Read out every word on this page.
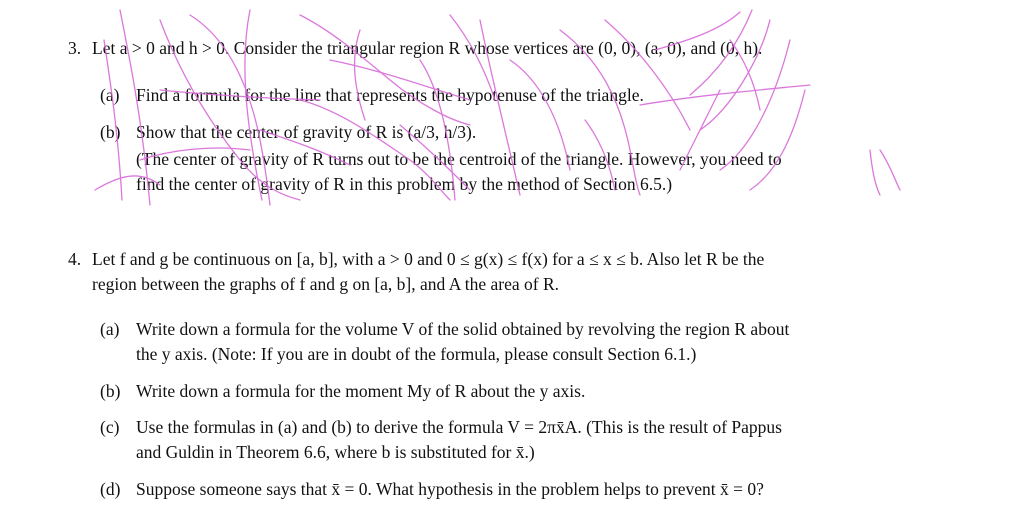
3. Let a > 0 and h > 0. Consider the triangular region R whose vertices are (0, 0), (a, 0), and (0, h).
(a) Find a formula for the line that represents the hypotenuse of the triangle.
(b) Show that the center of gravity of R is (a/3, h/3).
(The center of gravity of R turns out to be the centroid of the triangle. However, you need to
find the center of gravity of R in this problem by the method of Section 6.5.)
4. Let f and g be continuous on [a, b], with a > 0 and 0 ≤ g(x) ≤ f(x) for a ≤ x ≤ b. Also let R be the
region between the graphs of f and g on [a, b], and A the area of R.
(a) Write down a formula for the volume V of the solid obtained by revolving the region R about
the y axis. (Note: If you are in doubt of the formula, please consult Section 6.1.)
(b) Write down a formula for the moment My of R about the y axis.
(c) Use the formulas in (a) and (b) to derive the formula V = 2πx̄A. (This is the result of Pappus
and Guldin in Theorem 6.6, where b is substituted for x̄.)
(d) Suppose someone says that x̄ = 0. What hypothesis in the problem helps to prevent x̄ = 0?
